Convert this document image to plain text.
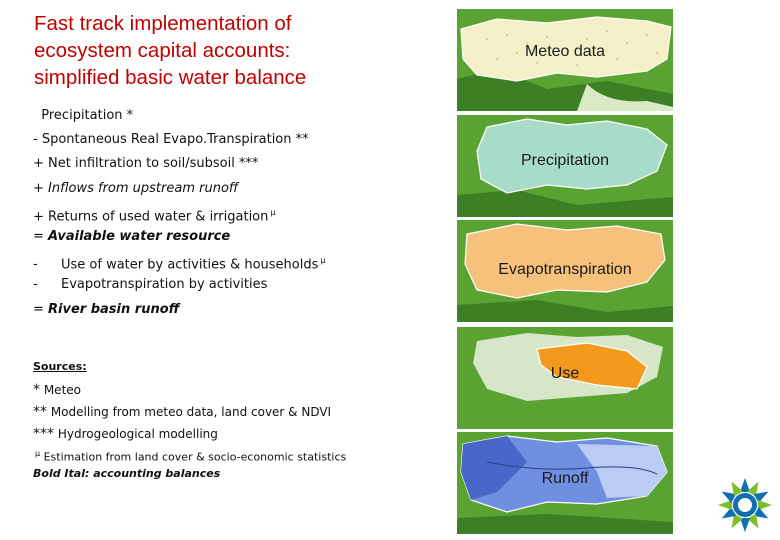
Fast track implementation of
ecosystem capital accounts:
simplified basic water balance
Precipitation *
- Spontaneous Real Evapo.Transpiration **
+ Net infiltration to soil/subsoil ***
+ Inflows from upstream runoff
+ Returns of used water & irrigation $^\mu$
= Available water resource
- Use of water by activities & households $^\mu$
- Evapotranspiration by activities
= River basin runoff
Sources:
* Meteo
** Modelling from meteo data, land cover & NDVI
*** Hydrogeological modelling
$^\mu$ Estimation from land cover & socio-economic statistics
Bold Ital: accounting balances
Meteo data
Precipitation
Evapotranspiration
Use
Runoff
